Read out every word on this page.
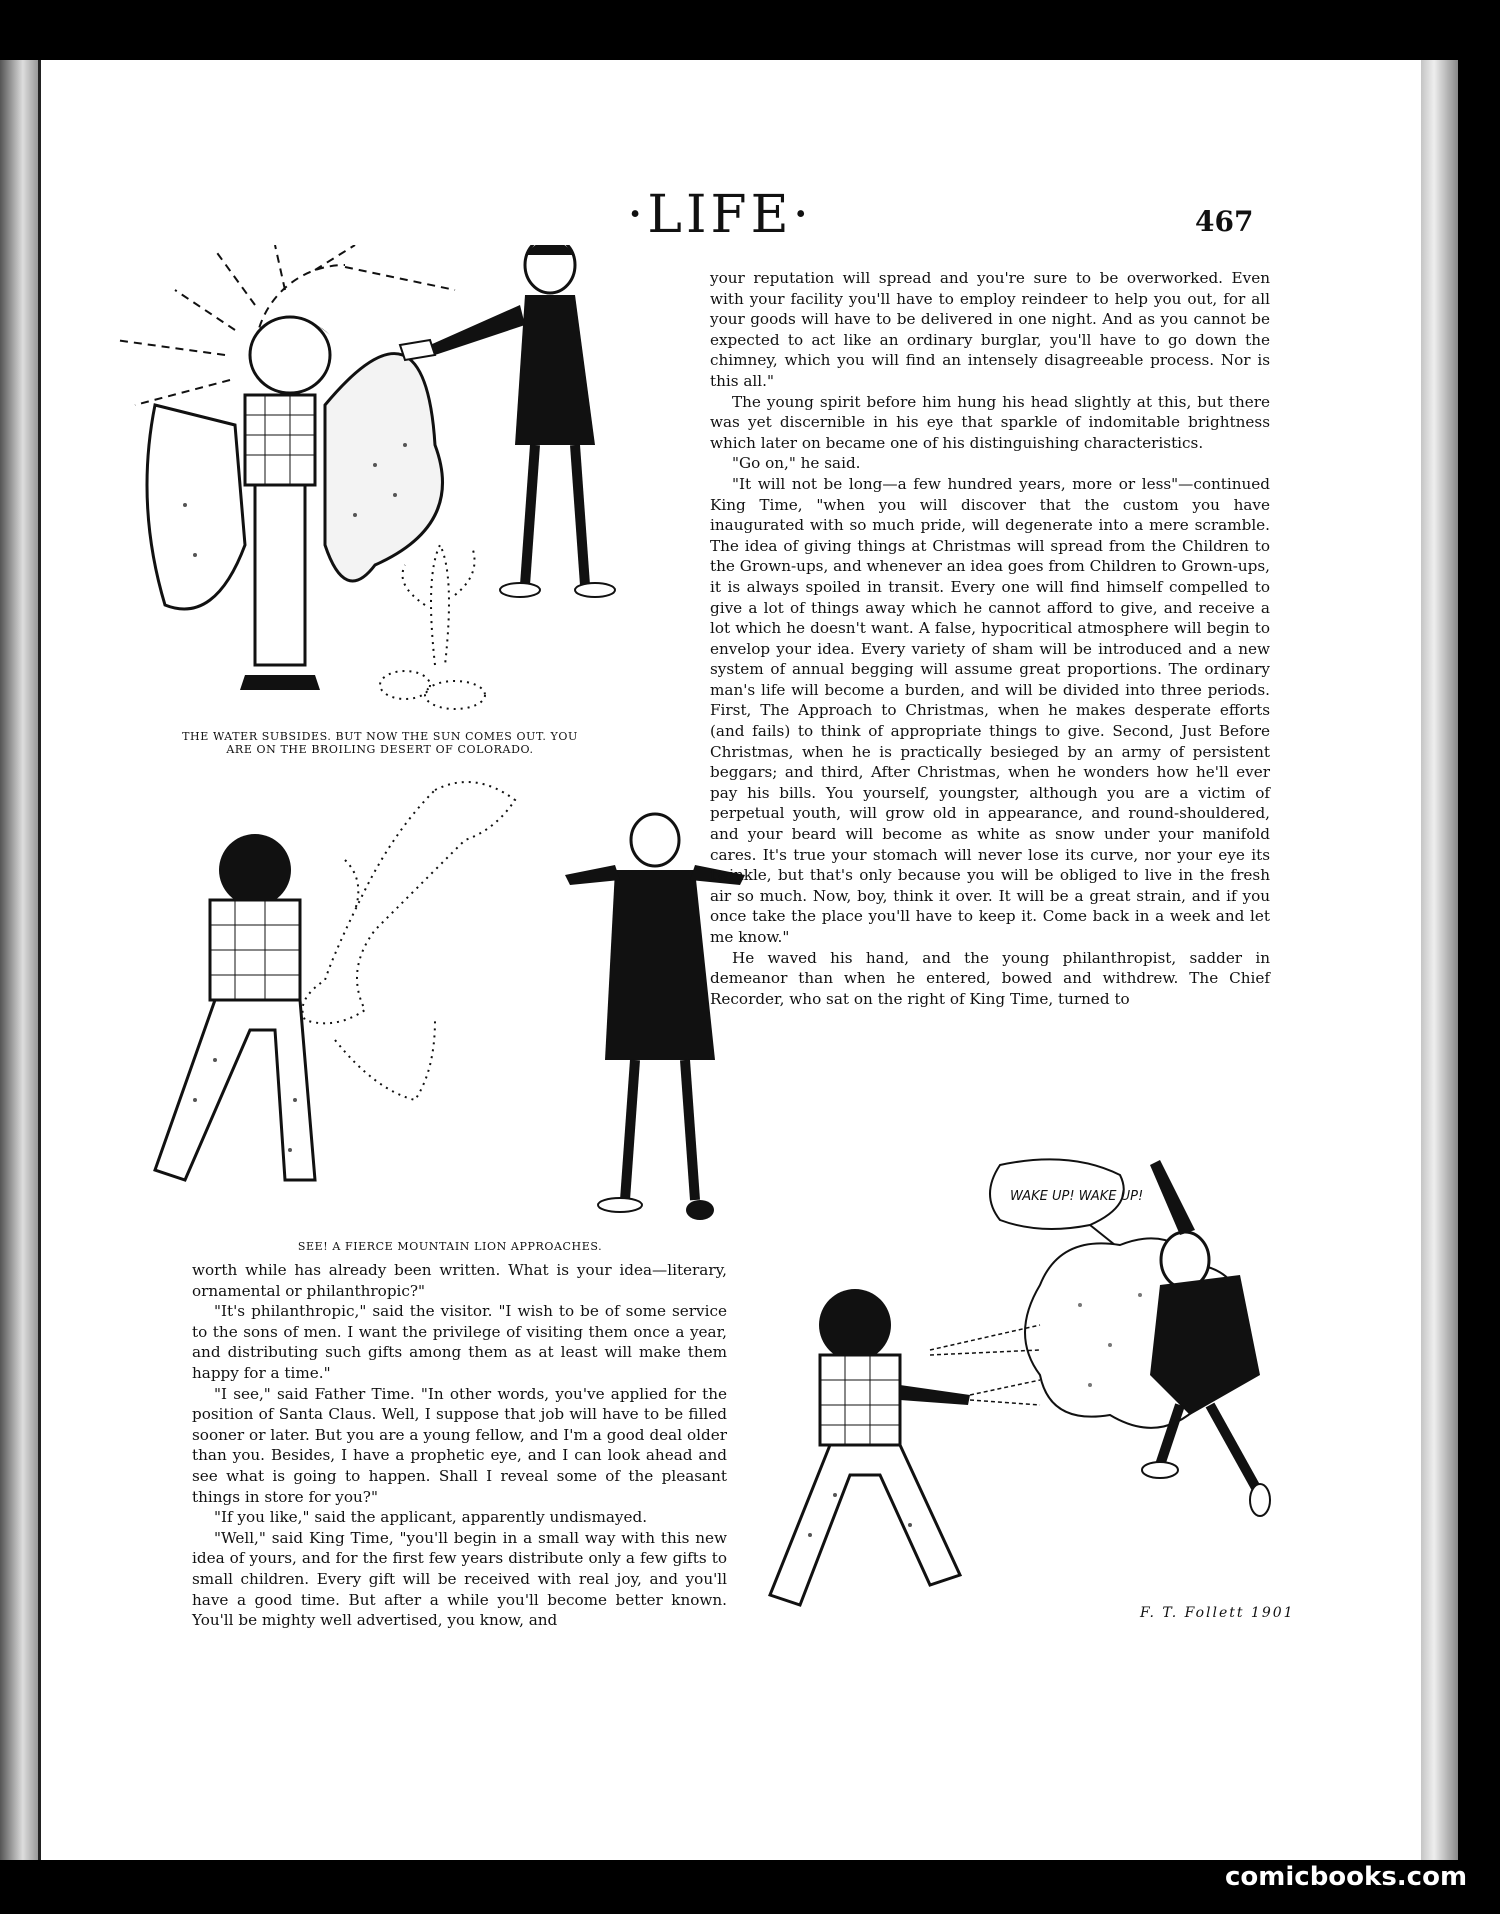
·LIFE·	467
THE WATER SUBSIDES. BUT NOW THE SUN COMES OUT. YOU ARE ON THE BROILING DESERT OF COLORADO.
SEE! A FIERCE MOUNTAIN LION APPROACHES.

your reputation will spread and you're sure to be overworked. Even with your facility you'll have to employ reindeer to help you out, for all your goods will have to be delivered in one night. And as you cannot be expected to act like an ordinary burglar, you'll have to go down the chimney, which you will find an intensely disagreeable process. Nor is this all."

The young spirit before him hung his head slightly at this, but there was yet discernible in his eye that sparkle of indomitable brightness which later on became one of his distinguishing characteristics.

"Go on," he said.

"It will not be long—a few hundred years, more or less"—continued King Time, "when you will discover that the custom you have inaugurated with so much pride, will degenerate into a mere scramble. The idea of giving things at Christmas will spread from the Children to the Grown-ups, and whenever an idea goes from Children to Grown-ups, it is always spoiled in transit. Every one will find himself compelled to give a lot of things away which he cannot afford to give, and receive a lot which he doesn't want. A false, hypocritical atmosphere will begin to envelop your idea. Every variety of sham will be introduced and a new system of annual begging will assume great proportions. The ordinary man's life will become a burden, and will be divided into three periods. First, The Approach to Christmas, when he makes desperate efforts (and fails) to think of appropriate things to give. Second, Just Before Christmas, when he is practically besieged by an army of persistent beggars; and third, After Christmas, when he wonders how he'll ever pay his bills. You yourself, youngster, although you are a victim of perpetual youth, will grow old in appearance, and round-shouldered, and your beard will become as white as snow under your manifold cares. It's true your stomach will never lose its curve, nor your eye its twinkle, but that's only because you will be obliged to live in the fresh air so much. Now, boy, think it over. It will be a great strain, and if you once take the place you'll have to keep it. Come back in a week and let me know."

He waved his hand, and the young philanthropist, sadder in demeanor than when he entered, bowed and withdrew. The Chief Recorder, who sat on the right of King Time, turned to

worth while has already been written. What is your idea—literary, ornamental or philanthropic?"

"It's philanthropic," said the visitor. "I wish to be of some service to the sons of men. I want the privilege of visiting them once a year, and distributing such gifts among them as at least will make them happy for a time."

"I see," said Father Time. "In other words, you've applied for the position of Santa Claus. Well, I suppose that job will have to be filled sooner or later. But you are a young fellow, and I'm a good deal older than you. Besides, I have a prophetic eye, and I can look ahead and see what is going to happen. Shall I reveal some of the pleasant things in store for you?"

"If you like," said the applicant, apparently undismayed.

"Well," said King Time, "you'll begin in a small way with this new idea of yours, and for the first few years distribute only a few gifts to small children. Every gift will be received with real joy, and you'll have a good time. But after a while you'll become better known. You'll be mighty well advertised, you know, and

WAKE UP! WAKE UP!
F. T. Follett 1901
comicbooks.com
